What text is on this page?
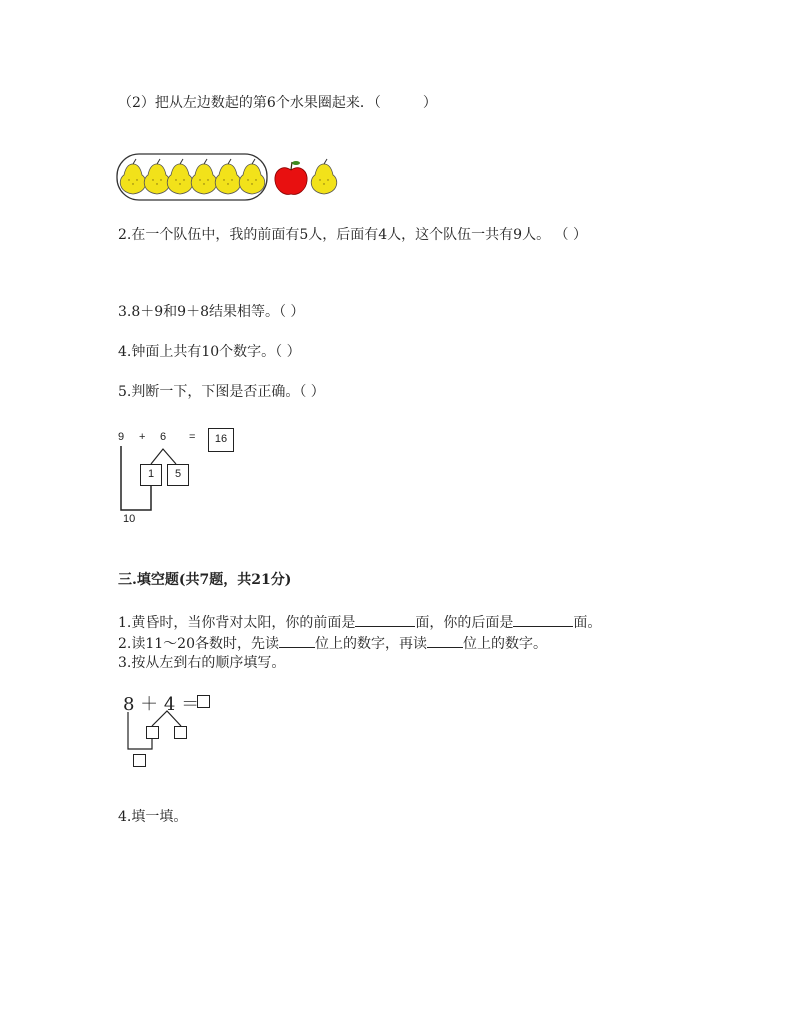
（2）把从左边数起的第6个水果圈起来．（　　　）
2.在一个队伍中，我的前面有5人，后面有4人，这个队伍一共有9人。 （ ）
3.8＋9和9＋8结果相等。（ ）
4.钟面上共有10个数字。（ ）
5.判断一下，下图是否正确。（ ）
9 + 6 =	16
1	5
10
三.填空题(共7题，共21分)
1.黄昏时，当你背对太阳，你的前面是	面，你的后面是	面。
2.读11～20各数时，先读	位上的数字，再读	位上的数字。
3.按从左到右的顺序填写。
8 ＋ 4 ＝
4.填一填。
